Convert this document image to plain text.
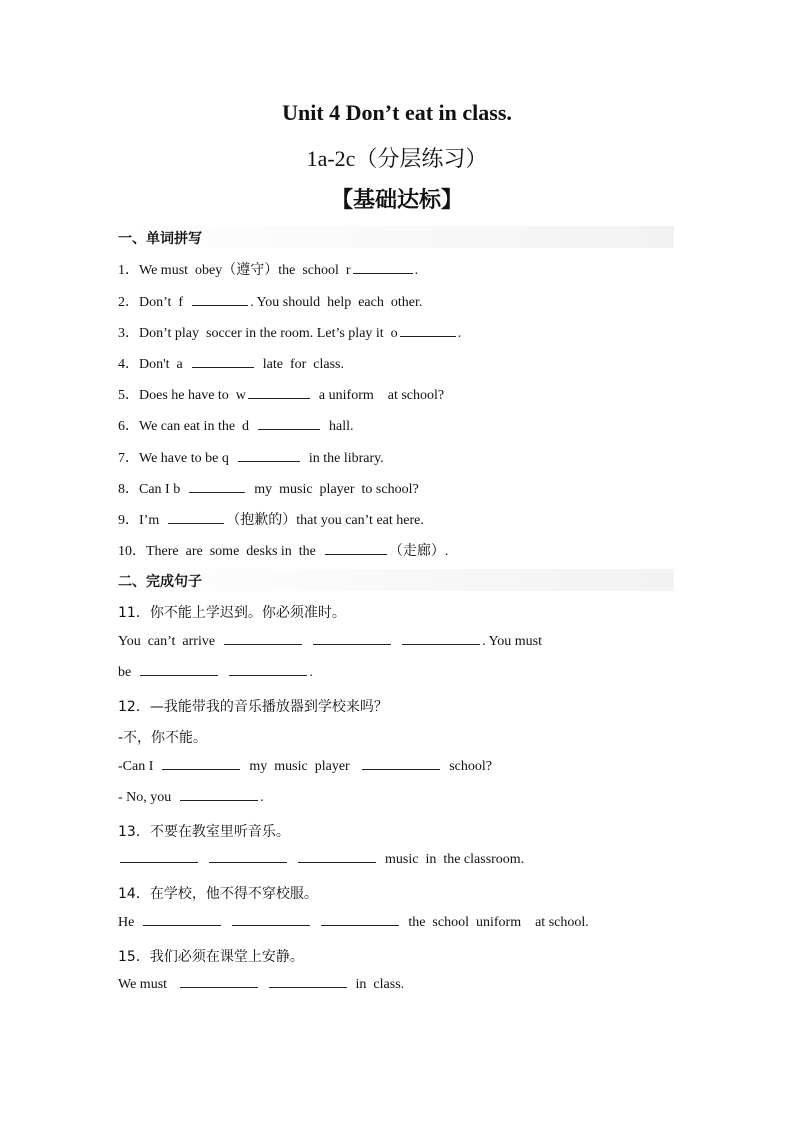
Unit 4 Don’t eat in class.
1a-2c（分层练习）
【基础达标】
一、单词拼写
1．We must  obey（遵守）the  school  r	.
2．Don’t  f	. You should  help  each  other.
3．Don’t play  soccer in the room. Let’s play it  o	.
4．Don't  a	late  for  class.
5．Does he have to  w	a uniform    at school?
6．We can eat in the  d	hall.
7．We have to be q	in the library.
8．Can I b	my  music  player  to school?
9．I’m	（抱歉的）that you can’t eat here.
10．There  are  some  desks in  the	（走廊）.
二、完成句子
11．你不能上学迟到。你必须准时。
You  can’t  arrive	. You must
be	.
12．—我能带我的音乐播放器到学校来吗？
-不，你不能。
-Can I	my  music  player	school?
- No, you	.
13．不要在教室里听音乐。
music  in  the classroom.
14．在学校，他不得不穿校服。
He	the  school  uniform    at school.
15．我们必须在课堂上安静。
We must	in  class.
